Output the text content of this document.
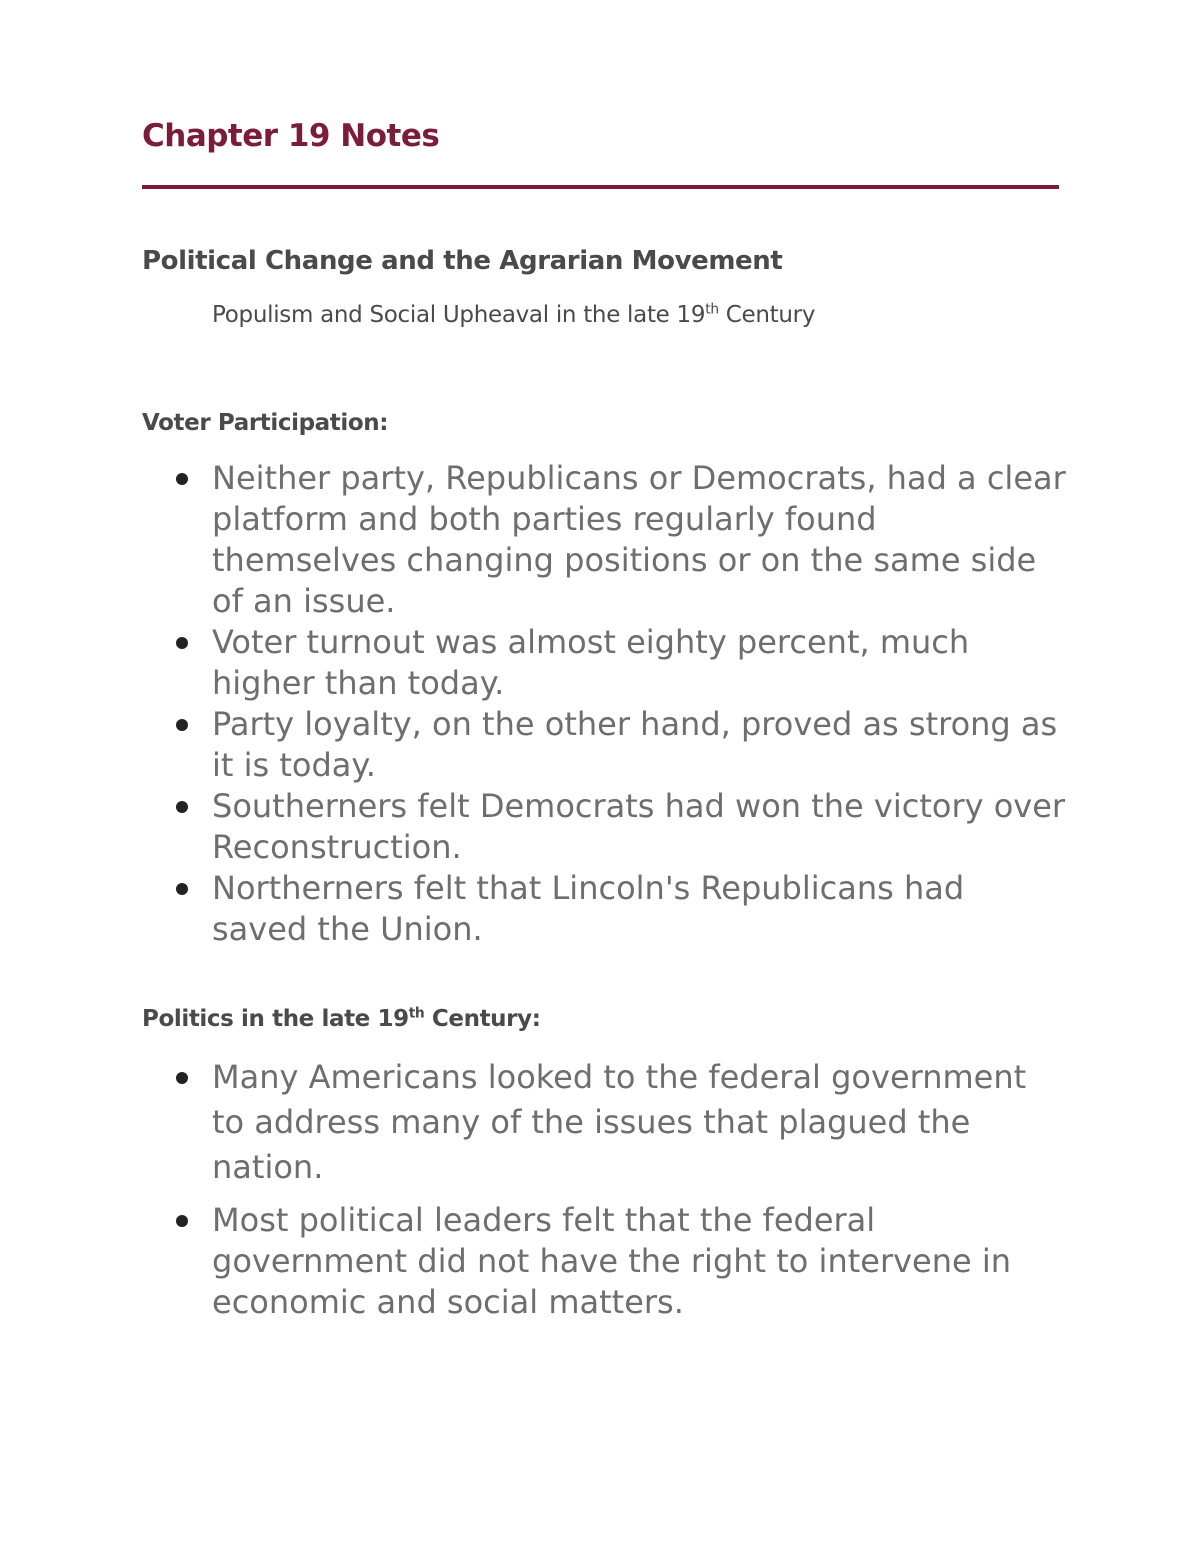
Chapter 19 Notes
Political Change and the Agrarian Movement

Populism and Social Upheaval in the late 19th Century

Voter Participation:
Neither party, Republicans or Democrats, had a clear platform and both parties regularly found themselves changing positions or on the same side of an issue.
Voter turnout was almost eighty percent, much higher than today.
Party loyalty, on the other hand, proved as strong as it is today.
Southerners felt Democrats had won the victory over Reconstruction.
Northerners felt that Lincoln's Republicans had saved the Union.
Politics in the late 19th Century:
Many Americans looked to the federal government to address many of the issues that plagued the nation.
Most political leaders felt that the federal government did not have the right to intervene in economic and social matters.
